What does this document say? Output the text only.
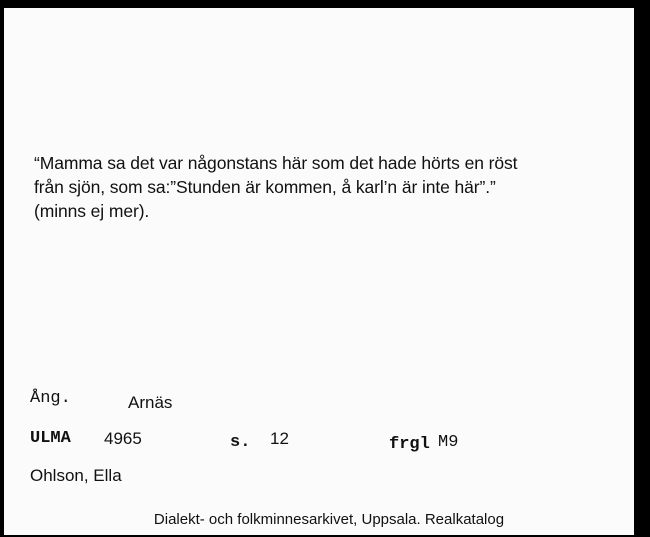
“Mamma sa det var någonstans här som det hade hörts en röst
från sjön, som sa:”Stunden är kommen, å karl’n är inte här”.”
(minns ej mer).
Ång.	Arnäs
ULMA 4965	s. 12	frgl M9
Ohlson, Ella
Dialekt- och folkminnesarkivet, Uppsala. Realkatalog
